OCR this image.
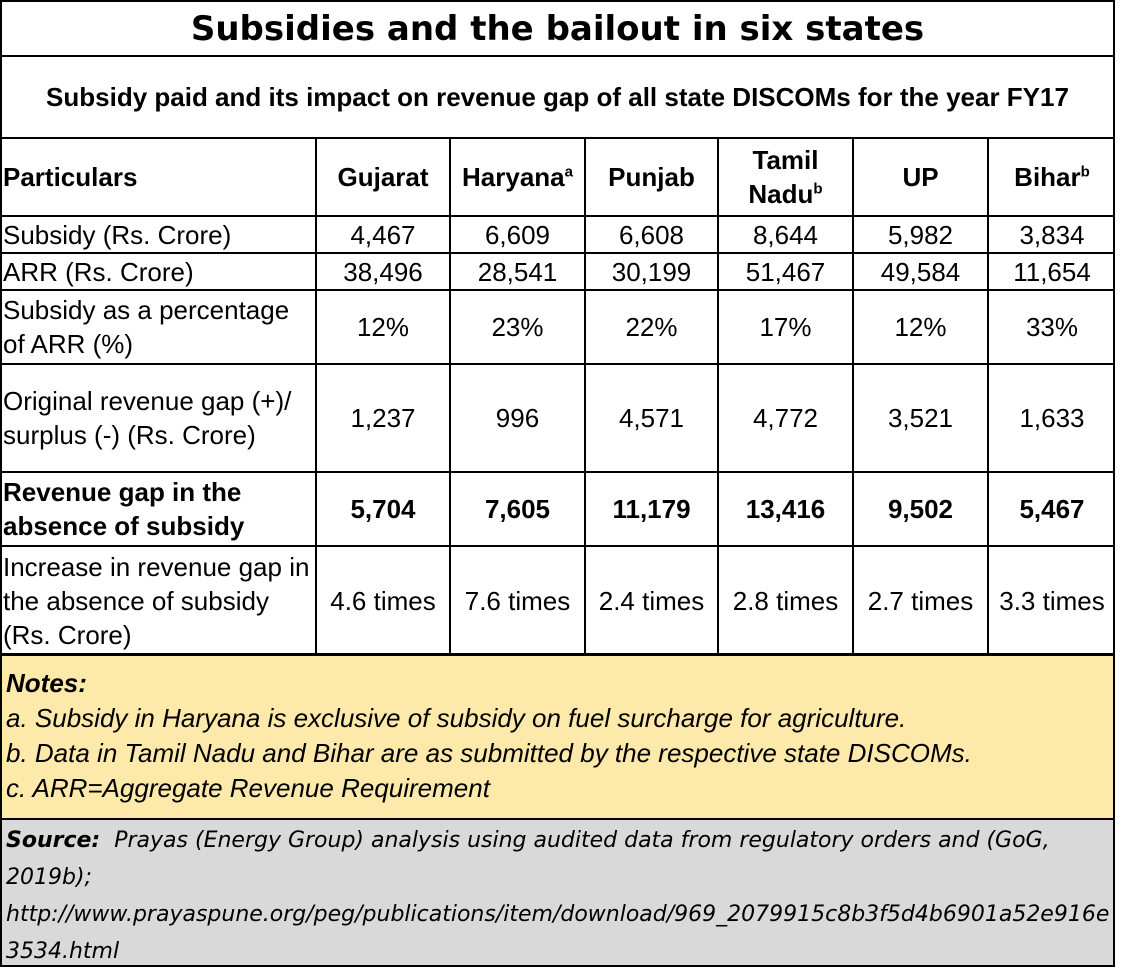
Subsidies and the bailout in six states
Subsidy paid and its impact on revenue gap of all state DISCOMs for the year FY17
Particulars	Gujarat	Haryana$^a$	Punjab	Tamil Nadu$^b$	UP	Bihar$^b$
Subsidy (Rs. Crore)	4,467	6,609	6,608	8,644	5,982	3,834
ARR (Rs. Crore)	38,496	28,541	30,199	51,467	49,584	11,654
Subsidy as a percentage of ARR (%)	12%	23%	22%	17%	12%	33%
Original revenue gap (+)/ surplus (-) (Rs. Crore)	1,237	996	4,571	4,772	3,521	1,633
Revenue gap in the absence of subsidy	5,704	7,605	11,179	13,416	9,502	5,467
Increase in revenue gap in the absence of subsidy (Rs. Crore)	4.6 times	7.6 times	2.4 times	2.8 times	2.7 times	3.3 times
Notes:
a. Subsidy in Haryana is exclusive of subsidy on fuel surcharge for agriculture.
b. Data in Tamil Nadu and Bihar are as submitted by the respective state DISCOMs.
c. ARR=Aggregate Revenue Requirement
Source: Prayas (Energy Group) analysis using audited data from regulatory orders and (GoG, 2019b);
http://www.prayaspune.org/peg/publications/item/download/969_2079915c8b3f5d4b6901a52e916e3534.html
